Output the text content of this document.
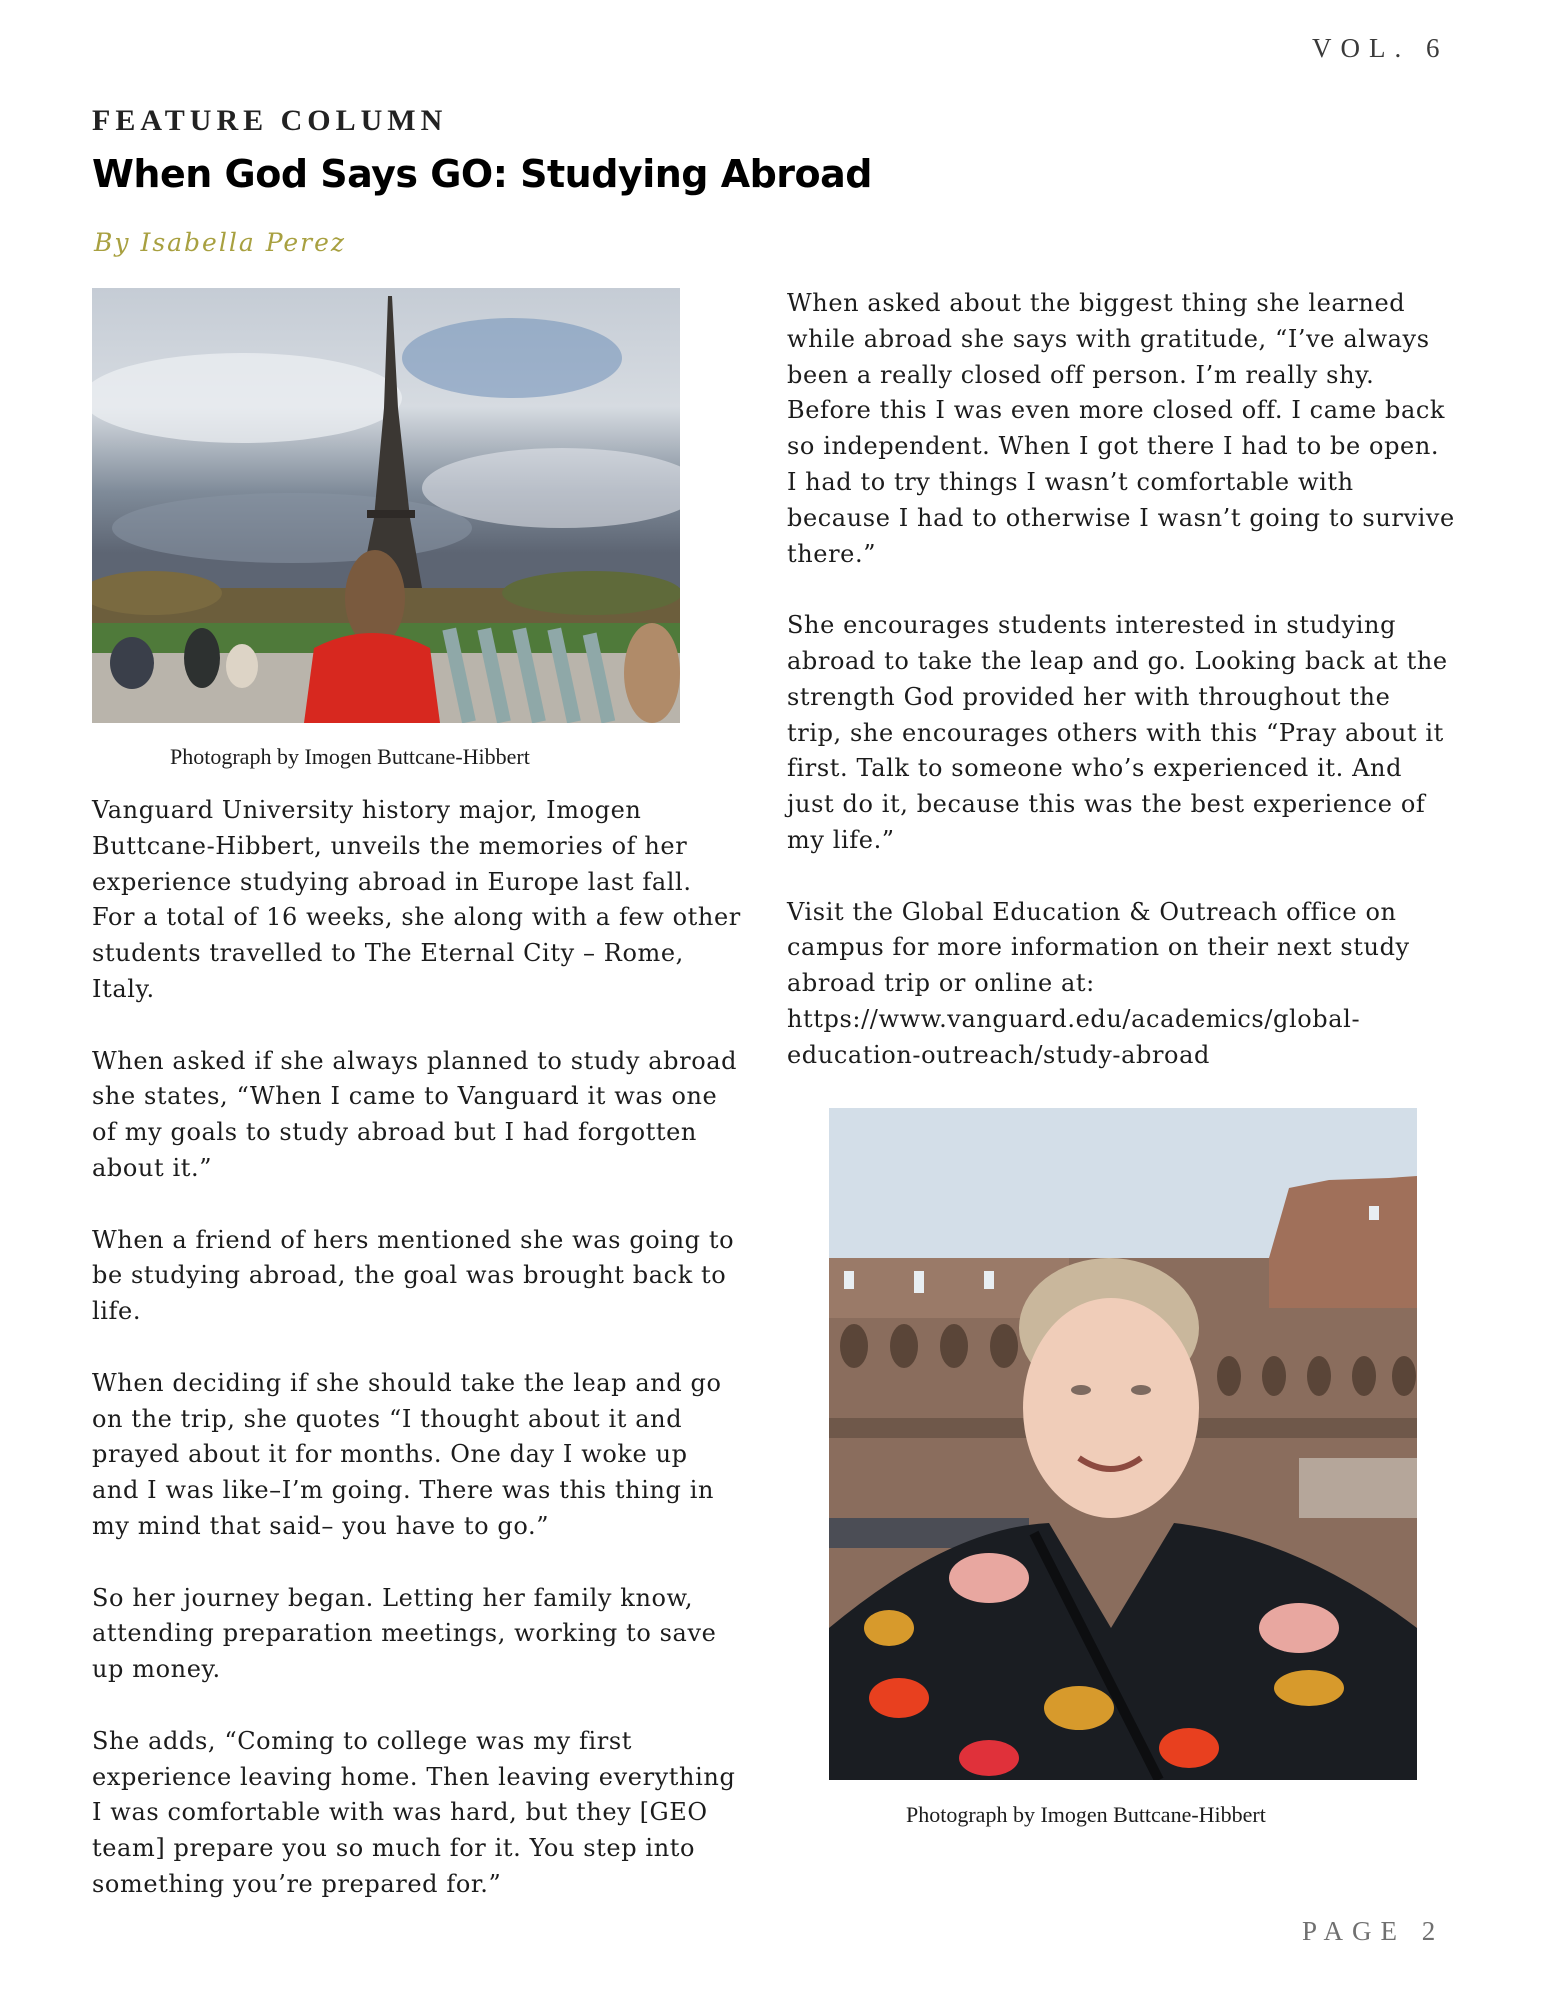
VOL. 6
FEATURE COLUMN
When God Says GO: Studying Abroad
By Isabella Perez
Photograph by Imogen Buttcane-Hibbert

Vanguard University history major, Imogen
Buttcane-Hibbert, unveils the memories of her
experience studying abroad in Europe last fall.
For a total of 16 weeks, she along with a few other
students travelled to The Eternal City – Rome,
Italy.

When asked if she always planned to study abroad
she states, “When I came to Vanguard it was one
of my goals to study abroad but I had forgotten
about it.”

When a friend of hers mentioned she was going to
be studying abroad, the goal was brought back to
life.

When deciding if she should take the leap and go
on the trip, she quotes “I thought about it and
prayed about it for months. One day I woke up
and I was like–I’m going. There was this thing in
my mind that said– you have to go.”

So her journey began. Letting her family know,
attending preparation meetings, working to save
up money.

She adds, “Coming to college was my first
experience leaving home. Then leaving everything
I was comfortable with was hard, but they [GEO
team] prepare you so much for it. You step into
something you’re prepared for.”

When asked about the biggest thing she learned
while abroad she says with gratitude, “I’ve always
been a really closed off person. I’m really shy.
Before this I was even more closed off. I came back
so independent. When I got there I had to be open.
I had to try things I wasn’t comfortable with
because I had to otherwise I wasn’t going to survive
there.”

She encourages students interested in studying
abroad to take the leap and go. Looking back at the
strength God provided her with throughout the
trip, she encourages others with this “Pray about it
first. Talk to someone who’s experienced it. And
just do it, because this was the best experience of
my life.”

Visit the Global Education & Outreach office on
campus for more information on their next study
abroad trip or online at:
https://www.vanguard.edu/academics/global-
education-outreach/study-abroad

Photograph by Imogen Buttcane-Hibbert
PAGE 2
